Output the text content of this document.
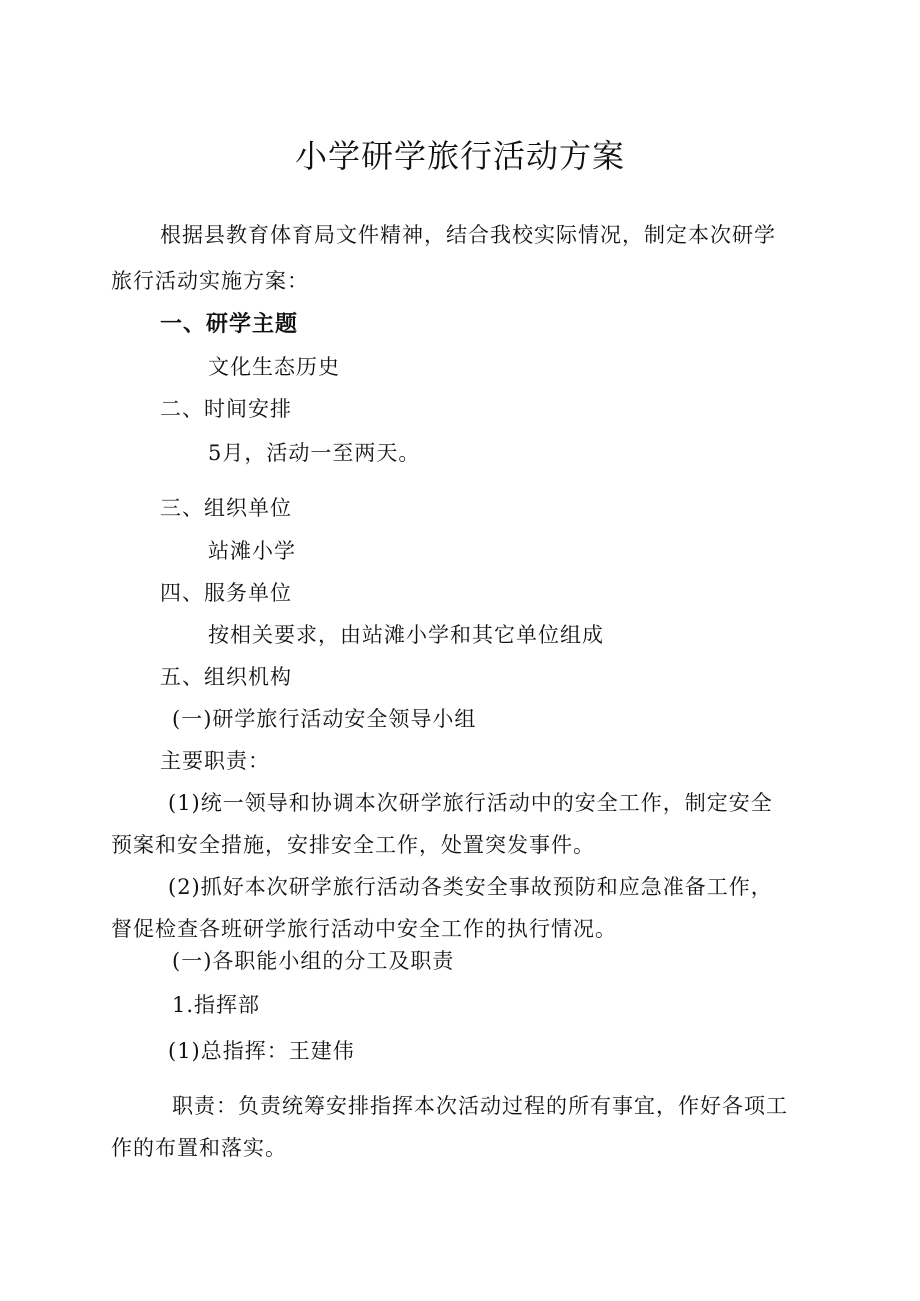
小学研学旅行活动方案
根据县教育体育局文件精神，结合我校实际情况，制定本次研学
旅行活动实施方案：
一、研学主题
文化生态历史
二、时间安排
5月，活动一至两天。
三、组织单位
站滩小学
四、服务单位
按相关要求，由站滩小学和其它单位组成
五、组织机构
(一)研学旅行活动安全领导小组
主要职责：
(1)统一领导和协调本次研学旅行活动中的安全工作，制定安全
预案和安全措施，安排安全工作，处置突发事件。
(2)抓好本次研学旅行活动各类安全事故预防和应急准备工作，
督促检查各班研学旅行活动中安全工作的执行情况。
(一)各职能小组的分工及职责
1.指挥部
(1)总指挥：王建伟
职责：负责统筹安排指挥本次活动过程的所有事宜，作好各项工
作的布置和落实。
